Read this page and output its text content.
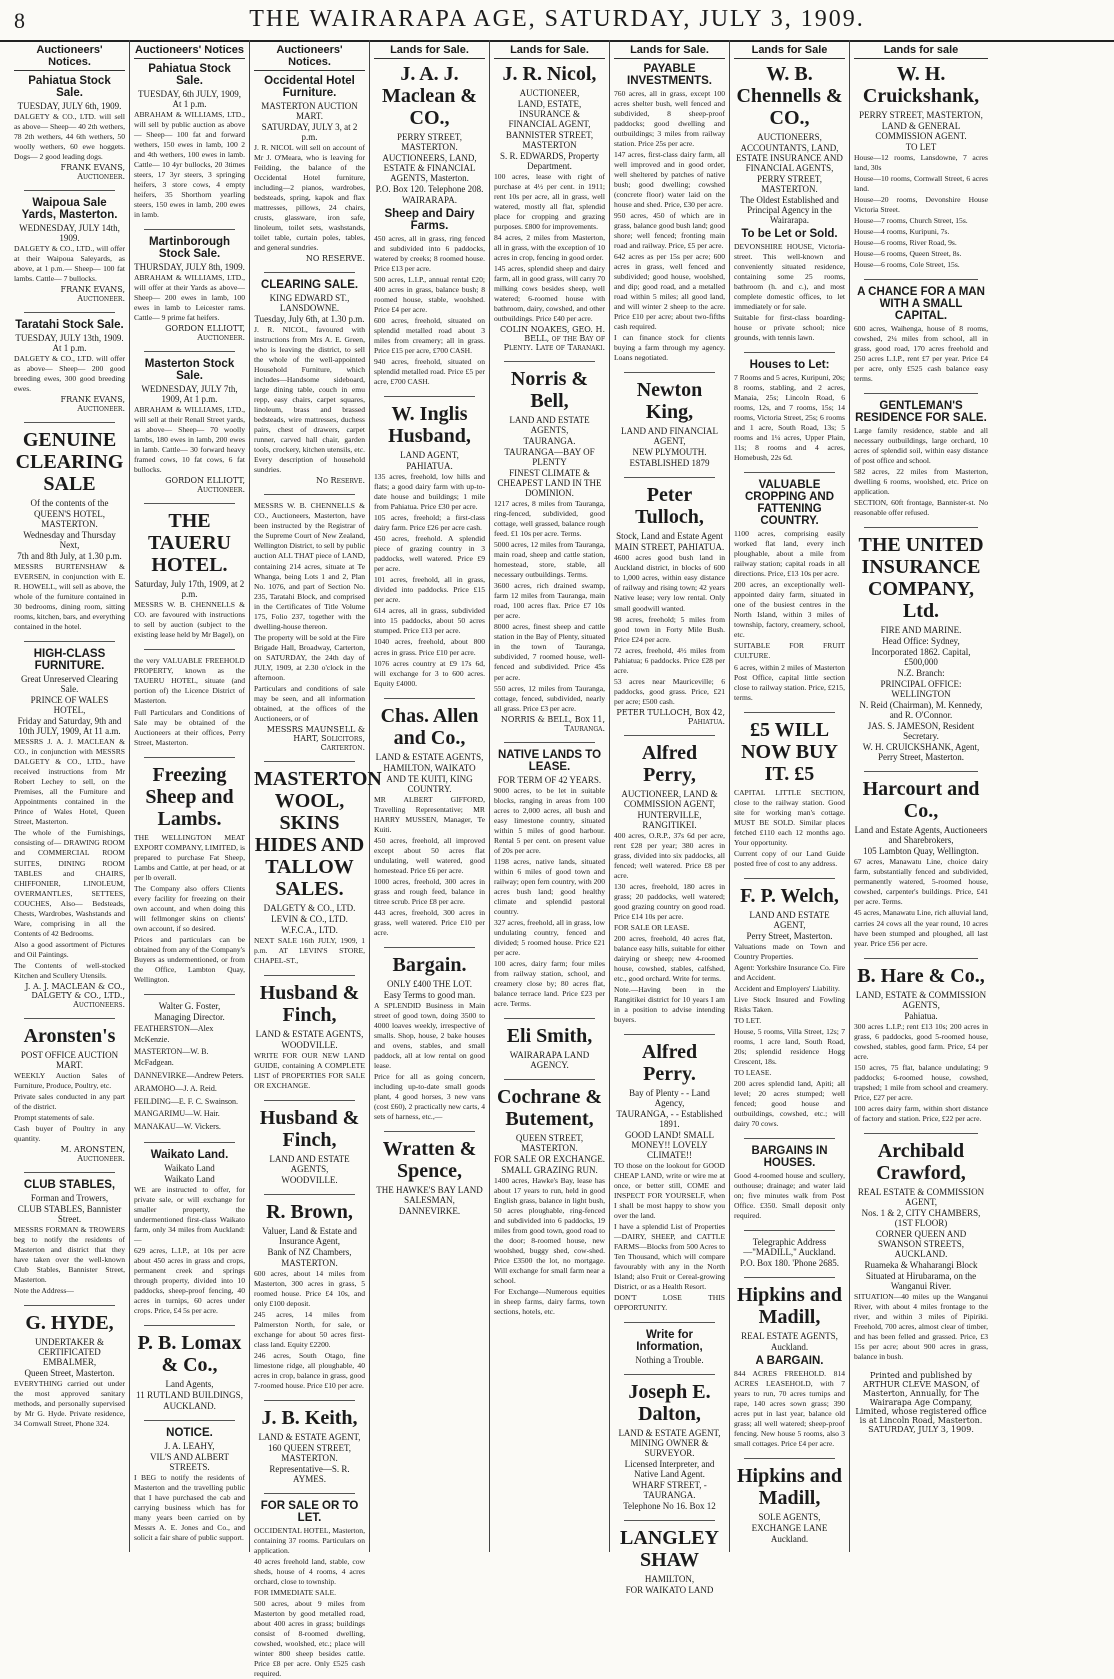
8	THE WAIRARAPA AGE, SATURDAY, JULY 3, 1909.
Auctioneers' Notices.
Pahiatua Stock Sale.
TUESDAY, JULY 6th, 1909.
DALGETY & CO., LTD. will sell as above— Sheep— 40 2th wethers, 78 2th wethers, 44 6th wethers, 50 woolly wethers, 60 ewe hoggets. Dogs— 2 good leading dogs.
FRANK EVANS, Auctioneer.
Waipoua Sale Yards, Masterton.
WEDNESDAY, JULY 14th, 1909.
DALGETY & CO., LTD., will offer at their Waipoua Saleyards, as above, at 1 p.m.— Sheep— 100 fat lambs. Cattle— 7 bullocks.
FRANK EVANS, Auctioneer.
Taratahi Stock Sale.
TUESDAY, JULY 13th, 1909. At 1 p.m.
DALGETY & CO., LTD. will offer as above— Sheep— 200 good breeding ewes, 300 good breeding ewes.
FRANK EVANS, Auctioneer.
GENUINE CLEARING SALE
Of the contents of the
QUEEN'S HOTEL, MASTERTON.
Wednesday and Thursday Next,
7th and 8th July, at 1.30 p.m.
MESSRS BURTENSHAW & EVERSEN, in conjunction with E. R. HOWELL, will sell as above, the whole of the furniture contained in 30 bedrooms, dining room, sitting rooms, kitchen, bars, and everything contained in the hotel.
HIGH-CLASS FURNITURE.
Great Unreserved Clearing Sale.
PRINCE OF WALES HOTEL,
Friday and Saturday, 9th and 10th JULY, 1909, At 11 a.m.
MESSRS J. A. J. MACLEAN & CO., in conjunction with MESSRS DALGETY & CO., LTD., have received instructions from Mr Robert Lechey to sell, on the Premises, all the Furniture and Appointments contained in the Prince of Wales Hotel, Queen Street, Masterton.
The whole of the Furnishings, consisting of— DRAWING ROOM and COMMERCIAL ROOM SUITES, DINING ROOM TABLES and CHAIRS, CHIFFONIER, LINOLEUM, OVERMANTLES, SETTEES, COUCHES, Also— Bedsteads, Chests, Wardrobes, Washstands and Ware, comprising in all the Contents of 42 Bedrooms.
Also a good assortment of Pictures and Oil Paintings.
The Contents of well-stocked Kitchen and Scullery Utensils.
J. A. J. MACLEAN & CO., DALGETY & CO., LTD., Auctioneers.
Aronsten's
POST OFFICE AUCTION MART.
WEEKLY Auction Sales of Furniture, Produce, Poultry, etc.
Private sales conducted in any part of the district.
Prompt statements of sale.
Cash buyer of Poultry in any quantity.
M. ARONSTEN, Auctioneer.
CLUB STABLES,
Forman and Trowers,
CLUB STABLES, Bannister Street.
MESSRS FORMAN & TROWERS beg to notify the residents of Masterton and district that they have taken over the well-known Club Stables, Bannister Street, Masterton.
Note the Address—
G. HYDE,
UNDERTAKER & CERTIFICATED EMBALMER,
Queen Street, Masterton.
EVERYTHING carried out under the most approved sanitary methods, and personally supervised by Mr G. Hyde. Private residence, 34 Cornwall Street, Phone 324.
Auctioneers' Notices
Pahiatua Stock Sale.
TUESDAY, 6th JULY, 1909, At 1 p.m.
ABRAHAM & WILLIAMS, LTD., will sell by public auction as above— Sheep— 100 fat and forward wethers, 150 ewes in lamb, 100 2 and 4th wethers, 100 ewes in lamb. Cattle— 10 4yr bullocks, 20 3times steers, 17 3yr steers, 3 springing heifers, 3 store cows, 4 empty heifers, 35 Shorthorn yearling steers, 150 ewes in lamb, 200 ewes in lamb.
Martinborough Stock Sale.
THURSDAY, JULY 8th, 1909.
ABRAHAM & WILLIAMS, LTD., will offer at their Yards as above— Sheep— 200 ewes in lamb, 100 ewes in lamb to Leicester rams. Cattle— 9 prime fat heifers.
GORDON ELLIOTT, Auctioneer.
Masterton Stock Sale.
WEDNESDAY, JULY 7th, 1909, At 1 p.m.
ABRAHAM & WILLIAMS, LTD., will sell at their Renall Street yards, as above— Sheep— 70 woolly lambs, 180 ewes in lamb, 200 ewes in lamb. Cattle— 30 forward heavy framed cows, 10 fat cows, 6 fat bullocks.
GORDON ELLIOTT, Auctioneer.
THE TAUERU HOTEL.
Saturday, July 17th, 1909, at 2 p.m.
MESSRS W. B. CHENNELLS & CO. are favoured with instructions to sell by auction (subject to the existing lease held by Mr Bagel), on
the very VALUABLE FREEHOLD PROPERTY, known as the TAUERU HOTEL, situate (and portion of) the Licence District of Masterton.
Full Particulars and Conditions of Sale may be obtained of the Auctioneers at their offices, Perry Street, Masterton.
Freezing Sheep and Lambs.
THE WELLINGTON MEAT EXPORT COMPANY, LIMITED, is prepared to purchase Fat Sheep, Lambs and Cattle, at per head, or at per lb overall.
The Company also offers Clients every facility for freezing on their own account, and when doing this will fellmonger skins on clients' own account, if so desired.
Prices and particulars can be obtained from any of the Company's Buyers as undermentioned, or from the Office, Lambton Quay, Wellington.
Walter G. Foster,
Managing Director.
FEATHERSTON—Alex McKenzie.
MASTERTON—W. B. McFadgean.
DANNEVIRKE—Andrew Peters.
ARAMOHO—J. A. Reid.
FEILDING—E. F. C. Swainson.
MANGARIMU—W. Hair.
MANAKAU—W. Vickers.
Waikato Land.
Waikato Land
Waikato Land
WE are instructed to offer, for private sale, or will exchange for smaller property, the undermentioned first-class Waikato farm, only 34 miles from Auckland:—
629 acres, L.I.P., at 10s per acre about 450 acres in grass and crops, permanent creek and springs through property, divided into 10 paddocks, sheep-proof fencing, 40 acres in turnips, 60 acres under crops. Price, £4 5s per acre.
P. B. Lomax & Co.,
Land Agents,
11 RUTLAND BUILDINGS,
AUCKLAND.
NOTICE.
J. A. LEAHY,
VIL'S AND ALBERT STREETS.
I BEG to notify the residents of Masterton and the travelling public that I have purchased the cab and carrying business which has for many years been carried on by Messrs A. E. Jones and Co., and solicit a fair share of public support.
Auctioneers' Notices.
Occidental Hotel Furniture.
MASTERTON AUCTION MART.
SATURDAY, JULY 3, at 2 p.m.
J. R. NICOL will sell on account of Mr J. O'Meara, who is leaving for Feilding, the balance of the Occidental Hotel furniture, including—2 pianos, wardrobes, bedsteads, spring, kapok and flax mattresses, pillows, 24 chairs, crusts, glassware, iron safe, linoleum, toilet sets, washstands, toilet table, curtain poles, tables, and general sundries.
NO RESERVE.
CLEARING SALE.
KING EDWARD ST., LANSDOWNE.
Tuesday, July 6th, at 1.30 p.m.
J. R. NICOL, favoured with instructions from Mrs A. E. Green, who is leaving the district, to sell the whole of the well-appointed Household Furniture, which includes—Handsome sideboard, large dining table, couch in emu repp, easy chairs, carpet squares, linoleum, brass and brassed bedsteads, wire mattresses, duchess pairs, chest of drawers, carpet runner, carved hall chair, garden tools, crockery, kitchen utensils, etc. Every description of household sundries.
No Reserve.
MESSRS W. B. CHENNELLS & CO., Auctioneers, Masterton, have been instructed by the Registrar of the Supreme Court of New Zealand, Wellington District, to sell by public auction ALL THAT piece of LAND, containing 214 acres, situate at Te Whanga, being Lots 1 and 2, Plan No. 1076, and part of Section No. 235, Taratahi Block, and comprised in the Certificates of Title Volume 175, Folio 237, together with the dwelling-house thereon.
The property will be sold at the Fire Brigade Hall, Broadway, Carterton, on SATURDAY, the 24th day of JULY, 1909, at 2.30 o'clock in the afternoon.
Particulars and conditions of sale may be seen, and all information obtained, at the offices of the Auctioneers, or of
MESSRS MAUNSELL & HART, Solicitors, Carterton.
MASTERTON WOOL, SKINS HIDES AND TALLOW SALES.
DALGETY & CO., LTD.
LEVIN & CO., LTD.
W.F.C.A., LTD.
NEXT SALE 16th JULY, 1909, 1 p.m. AT LEVIN'S STORE, CHAPEL-ST.,
Husband & Finch,
LAND & ESTATE AGENTS,
WOODVILLE.
WRITE FOR OUR NEW LAND GUIDE, containing A COMPLETE LIST of PROPERTIES FOR SALE OR EXCHANGE.
Husband & Finch,
LAND AND ESTATE AGENTS,
WOODVILLE.
R. Brown,
Valuer, Land & Estate and Insurance Agent,
Bank of NZ Chambers,
MASTERTON.
600 acres, about 14 miles from Masterton, 300 acres in grass, 5 roomed house. Price £4 10s, and only £100 deposit.
245 acres, 14 miles from Palmerston North, for sale, or exchange for about 50 acres first-class land. Equity £2200.
246 acres, South Otago, fine limestone ridge, all ploughable, 40 acres in crop, balance in grass, good 7-roomed house. Price £10 per acre.
J. B. Keith,
LAND & ESTATE AGENT,
160 QUEEN STREET, MASTERTON.
Representative—S. R. AYMES.
FOR SALE OR TO LET.
OCCIDENTAL HOTEL, Masterton, containing 37 rooms. Particulars on application.
40 acres freehold land, stable, cow sheds, house of 4 rooms, 4 acres orchard, close to township.
FOR IMMEDIATE SALE.
500 acres, about 9 miles from Masterton by good metalled road, about 400 acres in grass; buildings consist of 8-roomed dwelling, cowshed, woolshed, etc.; place will winter 800 sheep besides cattle. Price £8 per acre. Only £525 cash required.
Lands for Sale.
J. A. J. Maclean & CO.,
PERRY STREET, MASTERTON.
AUCTIONEERS, LAND, ESTATE & FINANCIAL AGENTS, Masterton.
P.O. Box 120. Telephone 208.
WAIRARAPA.
Sheep and Dairy Farms.
450 acres, all in grass, ring fenced and subdivided into 6 paddocks, watered by creeks; 8 roomed house. Price £13 per acre.
500 acres, L.I.P., annual rental £20; 400 acres in grass, balance bush; 8 roomed house, stable, woolshed. Price £4 per acre.
600 acres, freehold, situated on splendid metalled road about 3 miles from creamery; all in grass. Price £15 per acre, £700 CASH.
940 acres, freehold, situated on splendid metalled road. Price £5 per acre, £700 CASH.
W. Inglis Husband,
LAND AGENT,
PAHIATUA.
135 acres, freehold, low hills and flats; a good dairy farm with up-to-date house and buildings; 1 mile from Pahiatua. Price £30 per acre.
105 acres, freehold; a first-class dairy farm. Price £26 per acre cash.
450 acres, freehold. A splendid piece of grazing country in 3 paddocks, well watered. Price £9 per acre.
101 acres, freehold, all in grass, divided into paddocks. Price £15 per acre.
614 acres, all in grass, subdivided into 15 paddocks, about 50 acres stumped. Price £13 per acre.
1040 acres, freehold, about 800 acres in grass. Price £10 per acre.
1076 acres country at £9 17s 6d, will exchange for 3 to 600 acres. Equity £4000.
Chas. Allen and Co.,
LAND & ESTATE AGENTS,
HAMILTON, WAIKATO
AND TE KUITI, KING COUNTRY.
MR ALBERT GIFFORD, Travelling Representative; MR HARRY MUSSEN, Manager, Te Kuiti.
450 acres, freehold, all improved except about 50 acres flat undulating, well watered, good homestead. Price £6 per acre.
1000 acres, freehold, 300 acres in grass and rough feed, balance in titree scrub. Price £8 per acre.
443 acres, freehold, 300 acres in grass, well watered. Price £10 per acre.
Bargain.
ONLY £400 THE LOT.
Easy Terms to good man.
A SPLENDID Business in Main street of good town, doing 3500 to 4000 loaves weekly, irrespective of smalls. Shop, house, 2 bake houses and ovens, stables, and small paddock, all at low rental on good lease.
Price for all as going concern, including up-to-date small goods plant, 4 good horses, 3 new vans (cost £60), 2 practically new carts, 4 sets of harness, etc.,—
Wratten & Spence,
THE HAWKE'S BAY LAND SALESMAN,
DANNEVIRKE.
Lands for Sale.
J. R. Nicol,
AUCTIONEER,
LAND, ESTATE, INSURANCE & FINANCIAL AGENT,
BANNISTER STREET, MASTERTON
S. R. EDWARDS, Property Department.
100 acres, lease with right of purchase at 4½ per cent. in 1911; rent 10s per acre, all in grass, well watered, mostly all flat, splendid place for cropping and grazing purposes. £800 for improvements.
84 acres, 2 miles from Masterton, all in grass, with the exception of 10 acres in crop, fencing in good order.
145 acres, splendid sheep and dairy farm, all in good grass, will carry 70 milking cows besides sheep, well watered; 6-roomed house with bathroom, dairy, cowshed, and other outbuildings. Price £40 per acre.
COLIN NOAKES, GEO. H. BELL, of the Bay of Plenty. Late of Taranaki.
Norris & Bell,
LAND AND ESTATE AGENTS,
TAURANGA.
TAURANGA—BAY OF PLENTY
FINEST CLIMATE & CHEAPEST LAND IN THE DOMINION.
1217 acres, 8 miles from Tauranga, ring-fenced, subdivided, good cottage, well grassed, balance rough feed. £1 10s per acre. Terms.
5000 acres, 12 miles from Tauranga, main road, sheep and cattle station, homestead, store, stable, all necessary outbuildings. Terms.
3600 acres, rich drained swamp, farm 12 miles from Tauranga, main road, 100 acres flax. Price £7 10s per acre.
8000 acres, finest sheep and cattle station in the Bay of Plenty, situated in the town of Tauranga, subdivided, 7 roomed house, well-fenced and subdivided. Price 45s per acre.
550 acres, 12 miles from Tauranga, cottage, fenced, subdivided, nearly all grass. Price £3 per acre.
NORRIS & BELL, Box 11, Tauranga.
NATIVE LANDS TO LEASE.
FOR TERM OF 42 YEARS.
9000 acres, to be let in suitable blocks, ranging in areas from 100 acres to 2,000 acres, all bush and easy limestone country, situated within 5 miles of good harbour. Rental 5 per cent. on present value of 20s per acre.
1198 acres, native lands, situated within 6 miles of good town and railway; open fern country, with 200 acres bush land; good healthy climate and splendid pastoral country.
327 acres, freehold, all in grass, low undulating country, fenced and divided; 5 roomed house. Price £21 per acre.
100 acres, dairy farm; four miles from railway station, school, and creamery close by; 80 acres flat, balance terrace land. Price £23 per acre. Terms.
Eli Smith,
WAIRARAPA LAND AGENCY.
Cochrane & Butement,
QUEEN STREET, MASTERTON.
FOR SALE OR EXCHANGE.
SMALL GRAZING RUN.
1400 acres, Hawke's Bay, lease has about 17 years to run, held in good English grass, balance in light bush, 50 acres ploughable, ring-fenced and subdivided into 6 paddocks, 19 miles from good town, good road to the door; 8-roomed house, new woolshed, buggy shed, cow-shed. Price £3500 the lot, no mortgage. Will exchange for small farm near a school.
For Exchange—Numerous equities in sheep farms, dairy farms, town sections, hotels, etc.
Lands for Sale.
PAYABLE INVESTMENTS.
760 acres, all in grass, except 100 acres shelter bush, well fenced and subdivided, 8 sheep-proof paddocks; good dwelling and outbuildings; 3 miles from railway station. Price 25s per acre.
147 acres, first-class dairy farm, all well improved and in good order, well sheltered by patches of native bush; good dwelling; cowshed (concrete floor) water laid on the house and shed. Price, £30 per acre.
950 acres, 450 of which are in grass, balance good bush land; good shore; well fenced; fronting main road and railway. Price, £5 per acre.
642 acres as per 15s per acre; 600 acres in grass, well fenced and subdivided; good house, woolshed, and dip; good road, and a metalled road within 5 miles; all good land, and will winter 2 sheep to the acre. Price £10 per acre; about two-fifths cash required.
I can finance stock for clients buying a farm through my agency. Loans negotiated.
Newton King,
LAND AND FINANCIAL AGENT,
NEW PLYMOUTH.
ESTABLISHED 1879
Peter Tulloch,
Stock, Land and Estate Agent
MAIN STREET, PAHIATUA.
4600 acres good bush land in Auckland district, in blocks of 600 to 1,000 acres, within easy distance of railway and rising town; 42 years Native lease; very low rental. Only small goodwill wanted.
98 acres, freehold; 5 miles from good town in Forty Mile Bush. Price £24 per acre.
72 acres, freehold, 4½ miles from Pahiatua; 6 paddocks. Price £28 per acre.
53 acres near Mauriceville; 6 paddocks, good grass. Price, £21 per acre; £500 cash.
PETER TULLOCH, Box 42, Pahiatua.
Alfred Perry,
AUCTIONEER, LAND & COMMISSION AGENT,
HUNTERVILLE, RANGITIKEI.
400 acres, O.R.P., 37s 6d per acre, rent £28 per year; 380 acres in grass, divided into six paddocks, all fenced; well watered. Price £8 per acre.
130 acres, freehold, 180 acres in grass; 20 paddocks, well watered; good grazing country on good road. Price £14 10s per acre.
FOR SALE OR LEASE.
200 acres, freehold, 40 acres flat, balance easy hills, suitable for either dairying or sheep; new 4-roomed house, cowshed, stables, calfshed, etc., good orchard. Write for terms.
Note.—Having been in the Rangitikei district for 10 years I am in a position to advise intending buyers.
Alfred Perry.
Bay of Plenty - - Land Agency,
TAURANGA, - - Established 1891.
GOOD LAND! SMALL MONEY!! LOVELY CLIMATE!!
TO those on the lookout for GOOD CHEAP LAND, write or wire me at once, or better still, COME and INSPECT FOR YOURSELF, when I shall be most happy to show you over the land.
I have a splendid List of Properties—DAIRY, SHEEP, and CATTLE FARMS—Blocks from 500 Acres to Ten Thousand, which will compare favourably with any in the North Island; also Fruit or Cereal-growing District, or as a Health Resort.
DON'T LOSE THIS OPPORTUNITY.
Write for Information,
Nothing a Trouble.
Joseph E. Dalton,
LAND & ESTATE AGENT, MINING OWNER & SURVEYOR.
Licensed Interpreter, and Native Land Agent.
WHARF STREET, - TAURANGA.
Telephone No 16. Box 12
LANGLEY SHAW
HAMILTON,
FOR WAIKATO LAND
Lands for Sale
W. B. Chennells & CO.,
AUCTIONEERS,
ACCOUNTANTS, LAND, ESTATE INSURANCE AND FINANCIAL AGENTS,
PERRY STREET, MASTERTON.
The Oldest Established and Principal Agency in the Wairarapa.
To be Let or Sold.
DEVONSHIRE HOUSE, Victoria-street. This well-known and conveniently situated residence, containing some 25 rooms, bathroom (h. and c.), and most complete domestic offices, to let immediately or for sale.
Suitable for first-class boarding-house or private school; nice grounds, with tennis lawn.
Houses to Let:
7 Rooms and 5 acres, Kuripuni, 20s; 8 rooms, stabling, and 2 acres, Manaia, 25s; Lincoln Road, 6 rooms, 12s, and 7 rooms, 15s; 14 rooms, Victoria Street, 25s; 6 rooms and 1 acre, South Road, 13s; 5 rooms and 1¼ acres, Upper Plain, 11s; 8 rooms and 4 acres, Homebush, 22s 6d.
VALUABLE CROPPING AND FATTENING COUNTRY.
1100 acres, comprising easily worked flat land, every inch ploughable, about a mile from railway station; capital roads in all directions. Price, £13 10s per acre.
200 acres, an exceptionally well-appointed dairy farm, situated in one of the busiest centres in the North Island, within 3 miles of township, factory, creamery, school, etc.
SUITABLE FOR FRUIT CULTURE.
6 acres, within 2 miles of Masterton Post Office, capital little section close to railway station. Price, £215, terms.
£5 WILL NOW BUY IT. £5
CAPITAL LITTLE SECTION, close to the railway station. Good site for working man's cottage. MUST BE SOLD. Similar places fetched £110 each 12 months ago. Your opportunity.
Current copy of our Land Guide posted free of cost to any address.
F. P. Welch,
LAND AND ESTATE AGENT,
Perry Street, Masterton.
Valuations made on Town and Country Properties.
Agent: Yorkshire Insurance Co. Fire and Accident.
Accident and Employers' Liability.
Live Stock Insured and Fowling Risks Taken.
TO LET.
House, 5 rooms, Villa Street, 12s; 7 rooms, 1 acre land, South Road, 20s; splendid residence Hogg Crescent, 18s.
TO LEASE.
200 acres splendid land, Apiti; all level; 20 acres stumped; well fenced; good house and outbuildings, cowshed, etc.; will dairy 70 cows.
BARGAINS IN HOUSES.
Good 4-roomed house and scullery, outhouse; drainage; and water laid on; five minutes walk from Post Office. £350. Small deposit only required.
Telegraphic Address—"MADILL," Auckland.
P.O. Box 180. 'Phone 2685.
Hipkins and Madill,
REAL ESTATE AGENTS,
Auckland.
A BARGAIN.
844 ACRES FREEHOLD. 814 ACRES LEASEHOLD, with 7 years to run, 70 acres turnips and rape, 140 acres sown grass; 390 acres put in last year, balance old grass; all well watered; sheep-proof fencing. New house 5 rooms, also 3 small cottages. Price £4 per acre.
Hipkins and Madill,
SOLE AGENTS,
EXCHANGE LANE
Auckland.
Lands for sale
W. H. Cruickshank,
PERRY STREET, MASTERTON,
LAND & GENERAL COMMISSION AGENT.
TO LET
House—12 rooms, Lansdowne, 7 acres land, 30s
House—10 rooms, Cornwall Street, 6 acres land.
House—20 rooms, Devonshire House Victoria Street.
House—7 rooms, Church Street, 15s.
House—4 rooms, Kuripuni, 7s.
House—6 rooms, River Road, 9s.
House—6 rooms, Queen Street, 8s.
House—6 rooms, Cole Street, 15s.
A CHANCE FOR A MAN WITH A SMALL CAPITAL.
600 acres, Waihenga, house of 8 rooms, cowshed, 2¼ miles from school, all in grass, good road, 170 acres freehold and 250 acres L.I.P., rent £7 per year. Price £4 per acre, only £525 cash balance easy terms.
GENTLEMAN'S RESIDENCE FOR SALE.
Large family residence, stable and all necessary outbuildings, large orchard, 10 acres of splendid soil, within easy distance of post office and school.
582 acres, 22 miles from Masterton, dwelling 6 rooms, woolshed, etc. Price on application.
SECTION, 60ft frontage, Bannister-st. No reasonable offer refused.
THE UNITED INSURANCE COMPANY, Ltd.
FIRE AND MARINE.
Head Office: Sydney,
Incorporated 1862. Capital, £500,000
N.Z. Branch:
PRINCIPAL OFFICE: WELLINGTON
N. Reid (Chairman), M. Kennedy, and R. O'Connor.
JAS. S. JAMESON, Resident Secretary.
W. H. CRUICKSHANK, Agent, Perry Street, Masterton.
Harcourt and Co.,
Land and Estate Agents, Auctioneers and Sharebrokers,
105 Lambton Quay, Wellington.
67 acres, Manawatu Line, choice dairy farm, substantially fenced and subdivided, permanently watered, 5-roomed house, cowshed, carpenter's buildings. Price, £41 per acre. Terms.
45 acres, Manawatu Line, rich alluvial land, carries 24 cows all the year round, 10 acres have been stumped and ploughed, all last year. Price £56 per acre.
B. Hare & Co.,
LAND, ESTATE & COMMISSION AGENTS,
Pahiatua.
300 acres L.I.P.; rent £13 10s; 200 acres in grass, 6 paddocks, good 5-roomed house, cowshed, stables, good farm. Price, £4 per acre.
150 acres, 75 flat, balance undulating; 9 paddocks; 6-roomed house, cowshed, trapshed; 1 mile from school and creamery. Price, £27 per acre.
100 acres dairy farm, within short distance of factory and station. Price, £22 per acre.
Archibald Crawford,
REAL ESTATE & COMMISSION AGENT,
Nos. 1 & 2, CITY CHAMBERS, (1ST FLOOR)
CORNER QUEEN AND SWANSON STREETS, AUCKLAND.
Ruameka & Whaharangi Block
Situated at Hirubarama, on the Wanganui River.
SITUATION—40 miles up the Wanganui River, with about 4 miles frontage to the river, and within 3 miles of Pipiriki. Freehold, 700 acres, almost clear of timber, and has been felled and grassed. Price, £3 15s per acre; about 900 acres in grass, balance in bush.
Printed and published by ARTHUR CLEVE MASON, of Masterton, Annually, for The Wairarapa Age Company, Limited, whose registered office is at Lincoln Road, Masterton. SATURDAY, JULY 3, 1909.
